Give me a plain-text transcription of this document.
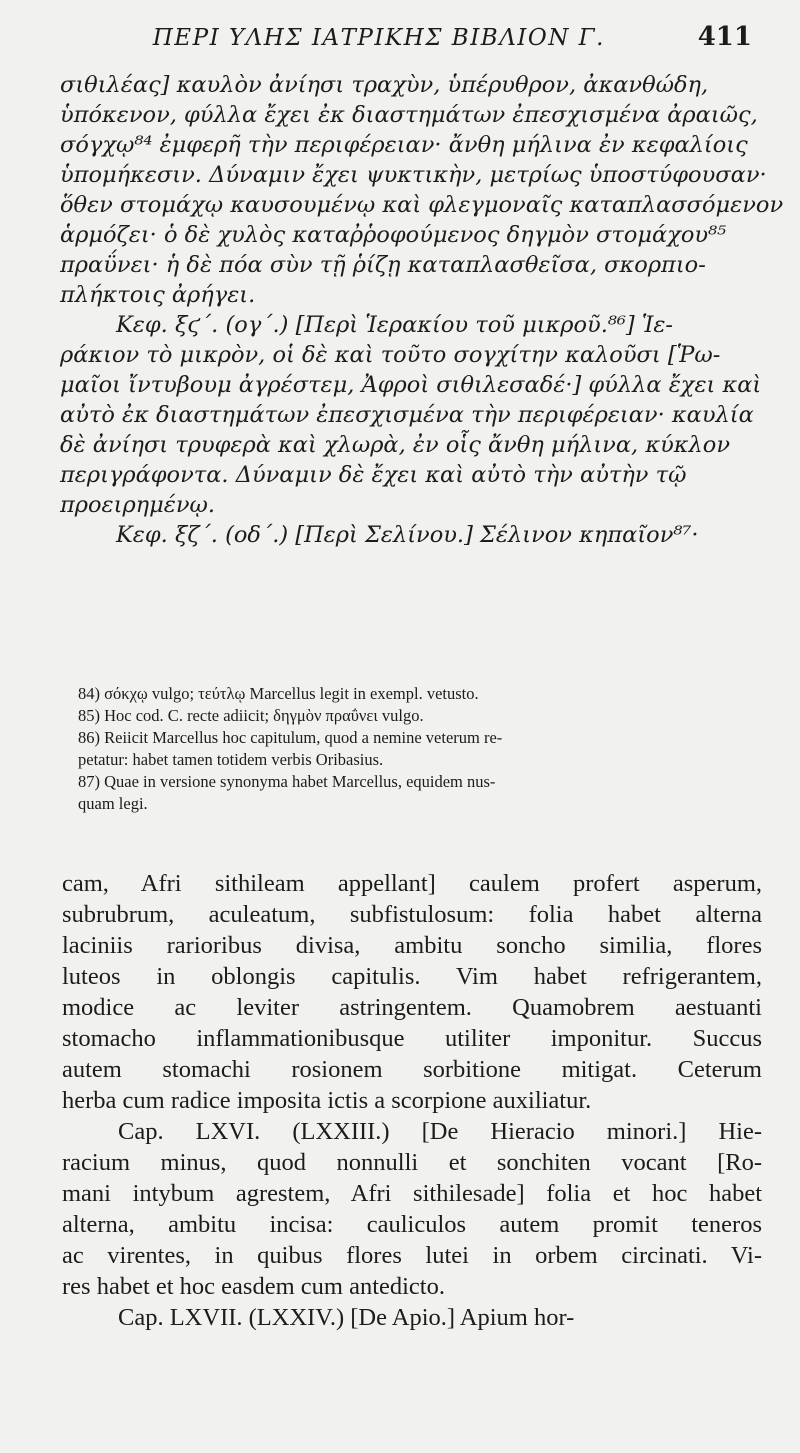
ΠΕΡΙ ΥΛΗΣ ΙΑΤΡΙΚΗΣ ΒΙΒΛΙΟΝ Γ.	411
σιθιλέας] καυλὸν ἀνίησι τραχὺν, ὑπέρυθρον, ἀκανθώδη,
ὑπόκενον, φύλλα ἔχει ἐκ διαστημάτων ἐπεσχισμένα ἀραιῶς,
σόγχῳ⁸⁴ ἐμφερῆ τὴν περιφέρειαν· ἄνθη μήλινα ἐν κεφαλίοις
ὑπομήκεσιν. Δύναμιν ἔχει ψυκτικὴν, μετρίως ὑποστύφουσαν·
ὅθεν στομάχῳ καυσουμένῳ καὶ φλεγμοναῖς καταπλασσόμενον
ἁρμόζει· ὁ δὲ χυλὸς καταῤῥοφούμενος δηγμὸν στομάχου⁸⁵
πραΰνει· ἡ δὲ πόα σὺν τῇ ῥίζῃ καταπλασθεῖσα, σκορπιο-
πλήκτοις ἀρήγει.
Κεφ. ξϛ΄. (ογ΄.) [Περὶ Ἱερακίου τοῦ μικροῦ.⁸⁶] Ἱε-
ράκιον τὸ μικρὸν, οἱ δὲ καὶ τοῦτο σογχίτην καλοῦσι [Ῥω-
μαῖοι ἴντυβουμ ἀγρέστεμ, Ἀφροὶ σιθιλεσαδέ·] φύλλα ἔχει καὶ
αὐτὸ ἐκ διαστημάτων ἐπεσχισμένα τὴν περιφέρειαν· καυλία
δὲ ἀνίησι τρυφερὰ καὶ χλωρὰ, ἐν οἷς ἄνθη μήλινα, κύκλον
περιγράφοντα. Δύναμιν δὲ ἔχει καὶ αὐτὸ τὴν αὐτὴν τῷ
προειρημένῳ.
Κεφ. ξζ΄. (οδ΄.) [Περὶ Σελίνου.] Σέλινον κηπαῖον⁸⁷·
84) σόκχῳ vulgo; τεύτλῳ Marcellus legit in exempl. vetusto.
85) Hoc cod. C. recte adiicit; δηγμὸν πραΰνει vulgo.
86) Reiicit Marcellus hoc capitulum, quod a nemine veterum re-
petatur: habet tamen totidem verbis Oribasius.
87) Quae in versione synonyma habet Marcellus, equidem nus-
quam legi.
cam, Afri sithileam appellant] caulem profert asperum,
subrubrum, aculeatum, subfistulosum: folia habet alterna
laciniis rarioribus divisa, ambitu soncho similia, flores
luteos in oblongis capitulis. Vim habet refrigerantem,
modice ac leviter astringentem. Quamobrem aestuanti
stomacho inflammationibusque utiliter imponitur. Succus
autem stomachi rosionem sorbitione mitigat. Ceterum
herba cum radice imposita ictis a scorpione auxiliatur.
Cap. LXVI. (LXXIII.) [De Hieracio minori.] Hie-
racium minus, quod nonnulli et sonchiten vocant [Ro-
mani intybum agrestem, Afri sithilesade] folia et hoc habet
alterna, ambitu incisa: cauliculos autem promit teneros
ac virentes, in quibus flores lutei in orbem circinati. Vi-
res habet et hoc easdem cum antedicto.
Cap. LXVII. (LXXIV.) [De Apio.] Apium hor-
